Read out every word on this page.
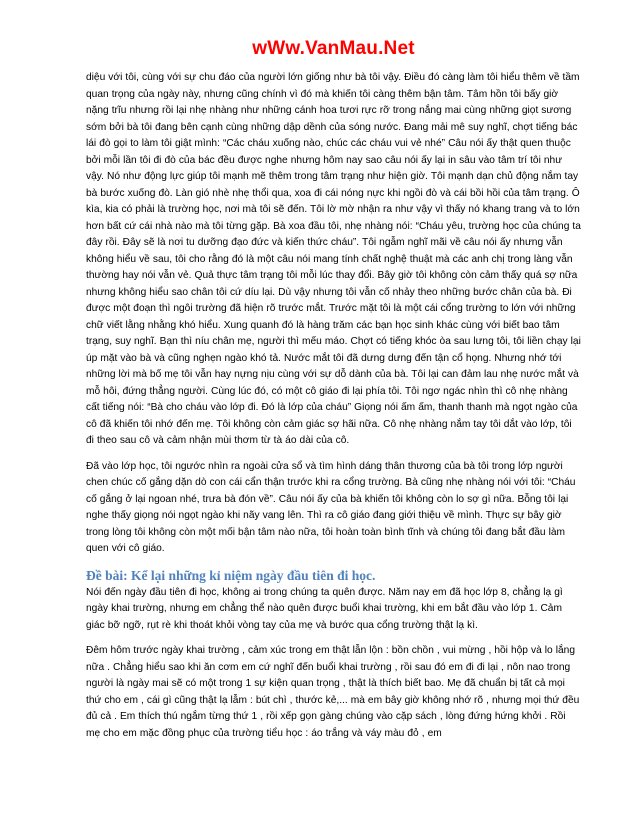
wWw.VanMau.Net

diệu với tôi, cùng với sự chu đáo của người lớn giống như bà tôi vậy. Điều đó càng làm tôi hiểu thêm về tầm quan trọng của ngày này, nhưng cũng chính vì đó mà khiến tôi càng thêm bận tâm. Tâm hồn tôi bấy giờ nặng trĩu nhưng rồi lại nhẹ nhàng như những cánh hoa tươi rực rỡ trong nắng mai cùng những giọt sương sớm bởi bà tôi đang bên cạnh cùng những dập dềnh của sóng nước. Đang mải mê suy nghĩ, chợt tiếng bác lái đò gọi to làm tôi giật mình: “Các cháu xuống nào, chúc các cháu vui vẻ nhé” Câu nói ấy thật quen thuộc bởi mỗi lần tôi đi đò của bác đều được nghe nhưng hôm nay sao câu nói ấy lại in sâu vào tâm trí tôi như vậy. Nó như động lực giúp tôi mạnh mẽ thêm trong tâm trạng như hiện giờ. Tôi mạnh dạn chủ động nắm tay bà bước xuống đò. Làn gió nhè nhẹ thổi qua, xoa đi cái nóng nực khi ngồi đò và cái bồi hồi của tâm trạng. Ô kìa, kia có phải là trường học, nơi mà tôi sẽ đến. Tôi lờ mờ nhận ra như vậy vì thấy nó khang trang và to lớn hơn bất cứ cái nhà nào mà tôi từng gặp. Bà xoa đầu tôi, nhẹ nhàng nói: “Cháu yêu, trường học của chúng ta đây rồi. Đây sẽ là nơi tu dưỡng đạo đức và kiến thức cháu”. Tôi ngẫm nghĩ mãi về câu nói ấy nhưng vẫn không hiểu về sau, tôi cho rằng đó là một câu nói mang tính chất nghệ thuật mà các anh chị trong làng vẫn thường hay nói vẫn vẻ. Quả thực tâm trạng tôi mỗi lúc thay đổi. Bây giờ tôi không còn cảm thấy quá sợ nữa nhưng không hiểu sao chân tôi cứ díu lại. Dù vậy nhưng tôi vẫn cố nhảy theo những bước chân của bà. Đi được một đoạn thì ngôi trường đã hiện rõ trước mắt. Trước mặt tôi là một cái cổng trường to lớn với những chữ viết lằng nhằng khó hiểu. Xung quanh đó là hàng trăm các bạn học sinh khác cùng với biết bao tâm trạng, suy nghĩ. Bạn thì níu chân mẹ, người thì mếu máo. Chợt có tiếng khóc òa sau lưng tôi, tôi liền chạy lại úp mặt vào bà và cũng nghẹn ngào khó tả. Nước mắt tôi đã dưng dưng đến tận cổ họng. Nhưng nhớ tới những lời mà bố mẹ tôi vẫn hay nựng nịu cùng với sự dỗ dành của bà. Tôi lại can đảm lau nhẹ nước mắt và mỗ hôi, đứng thẳng người. Cùng lúc đó, có một cô giáo đi lại phía tôi. Tôi ngơ ngác nhìn thì cô nhẹ nhàng cất tiếng nói: “Bà cho cháu vào lớp đi. Đó là lớp của cháu” Giọng nói ấm ấm, thanh thanh mà ngọt ngào của cô đã khiến tôi nhớ đến mẹ. Tôi không còn cảm giác sợ hãi nữa. Cô nhẹ nhàng nắm tay tôi dắt vào lớp, tôi đi theo sau cô và cảm nhận mùi thơm từ tà áo dài của cô.

Đã vào lớp học, tôi ngước nhìn ra ngoài cửa sổ và tìm hình dáng thân thương của bà tôi trong lớp người chen chúc cố gắng dặn dò con cái cẩn thận trước khi ra cổng trường. Bà cũng nhẹ nhàng nói với tôi: “Cháu cố gắng ở lại ngoan nhé, trưa bà đón về”. Câu nói ấy của bà khiến tôi không còn lo sợ gì nữa. Bỗng tôi lại nghe thấy giọng nói ngọt ngào khi nãy vang lên. Thì ra cô giáo đang giới thiệu về mình. Thực sự bây giờ trong lòng tôi không còn một mối bận tâm nào nữa, tôi hoàn toàn bình tĩnh và chúng tôi đang bắt đầu làm quen với cô giáo.

Đề bài: Kể lại những kỉ niệm ngày đầu tiên đi học.

Nói đến ngày đầu tiên đi học, không ai trong chúng ta quên được. Năm nay em đã học lớp 8, chẳng lạ gì ngày khai trường, nhưng em chẳng thể nào quên được buổi khai trường, khi em bắt đầu vào lớp 1. Cảm giác bỡ ngỡ, rụt rè khi thoát khỏi vòng tay của mẹ và bước qua cổng trường thật lạ kì.

Đêm hôm trước ngày khai trường , cảm xúc trong em thật lẫn lộn : bồn chồn , vui mừng , hồi hộp và lo lắng nữa . Chẳng hiểu sao khi ăn cơm em cứ nghĩ đến buổi khai trường , rồi sau đó em đi đi lại , nôn nao trong người là ngày mai sẽ có một trong 1 sự kiện quan trọng , thật là thích biết bao. Mẹ đã chuẩn bị tất cả mọi thứ cho em , cái gì cũng thật lạ lẫm : bút chì , thước kẻ,... mà em bây giờ không nhớ rõ , nhưng mọi thứ đều đủ cả . Em thích thú ngắm từng thứ 1 , rồi xếp gọn gàng chúng vào cặp sách , lòng đứng hứng khởi . Rồi mẹ cho em mặc đồng phục của trường tiểu học : áo trắng và váy màu đỏ , em
